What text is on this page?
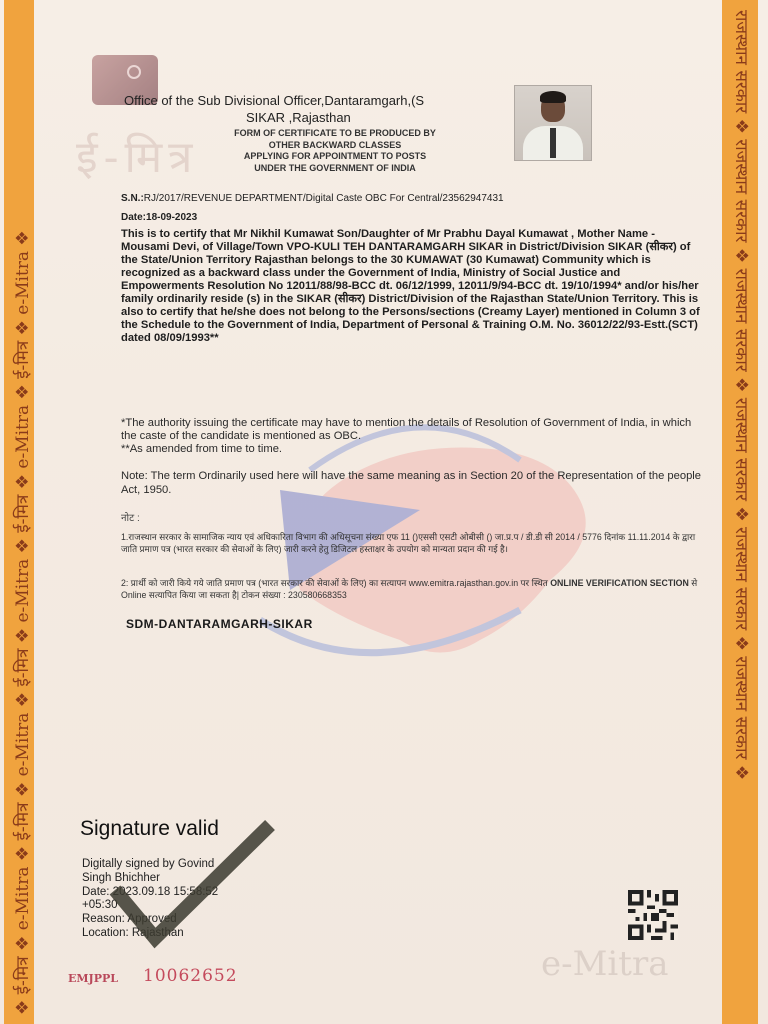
❖ ई-मित्र ❖ e-Mitra ❖ ई-मित्र ❖ e-Mitra ❖ ई-मित्र ❖ e-Mitra ❖ ई-मित्र ❖ e-Mitra ❖ ई-मित्र ❖ e-Mitra ❖	राजस्थान सरकार ❖ राजस्थान सरकार ❖ राजस्थान सरकार ❖ राजस्थान सरकार ❖ राजस्थान सरकार ❖ राजस्थान सरकार ❖
ई-मित्र
Office of the Sub Divisional Officer,Dantaramgarh,(S
SIKAR ,Rajasthan
FORM OF CERTIFICATE TO BE PRODUCED BY
OTHER BACKWARD CLASSES
APPLYING FOR APPOINTMENT TO POSTS
UNDER THE GOVERNMENT OF INDIA
S.N.:RJ/2017/REVENUE DEPARTMENT/Digital Caste OBC For Central/23562947431
Date:18-09-2023
This is to certify that Mr Nikhil Kumawat Son/Daughter of Mr Prabhu Dayal Kumawat , Mother Name - Mousami Devi, of Village/Town VPO-KULI TEH DANTARAMGARH SIKAR in District/Division SIKAR (सीकर) of the State/Union Territory Rajasthan belongs to the 30 KUMAWAT (30 Kumawat) Community which is recognized as a backward class under the Government of India, Ministry of Social Justice and Empowerments Resolution No 12011/88/98-BCC dt. 06/12/1999, 12011/9/94-BCC dt. 19/10/1994* and/or his/her family ordinarily reside (s) in the SIKAR (सीकर) District/Division of the Rajasthan State/Union Territory. This is also to certify that he/she does not belong to the Persons/sections (Creamy Layer) mentioned in Column 3 of the Schedule to the Government of India, Department of Personal & Training O.M. No. 36012/22/93-Estt.(SCT) dated 08/09/1993**
*The authority issuing the certificate may have to mention the details of Resolution of Government of India, in which the caste of the candidate is mentioned as OBC.
**As amended from time to time.
Note: The term Ordinarily used here will have the same meaning as in Section 20 of the Representation of the people Act, 1950.
नोट :
1.राजस्थान सरकार के सामाजिक न्याय एवं अधिकारिता विभाग की अधिसूचना संख्या एफ 11 ()एससी एसटी ओबीसी () जा.प्र.प / डी.डी सी 2014 / 5776 दिनांक 11.11.2014 के द्वारा जाति प्रमाण पत्र (भारत सरकार की सेवाओं के लिए) जारी करने हेतु डिजिटल हस्ताक्षर के उपयोग को मान्यता प्रदान की गई है।
2: प्रार्थी को जारी किये गये जाति प्रमाण पत्र (भारत सरकार की सेवाओं के लिए) का सत्यापन www.emitra.rajasthan.gov.in पर स्थित ONLINE VERIFICATION SECTION से Online सत्यापित किया जा सकता है| टोकन संख्या : 230580668353
SDM-DANTARAMGARH-SIKAR
Signature valid
Digitally signed by Govind
Singh Bhichher
Date: 2023.09.18 15:58:52
+05:30
Reason: Approved
Location: Rajasthan
EMJPPL 10062652	e-Mitra
